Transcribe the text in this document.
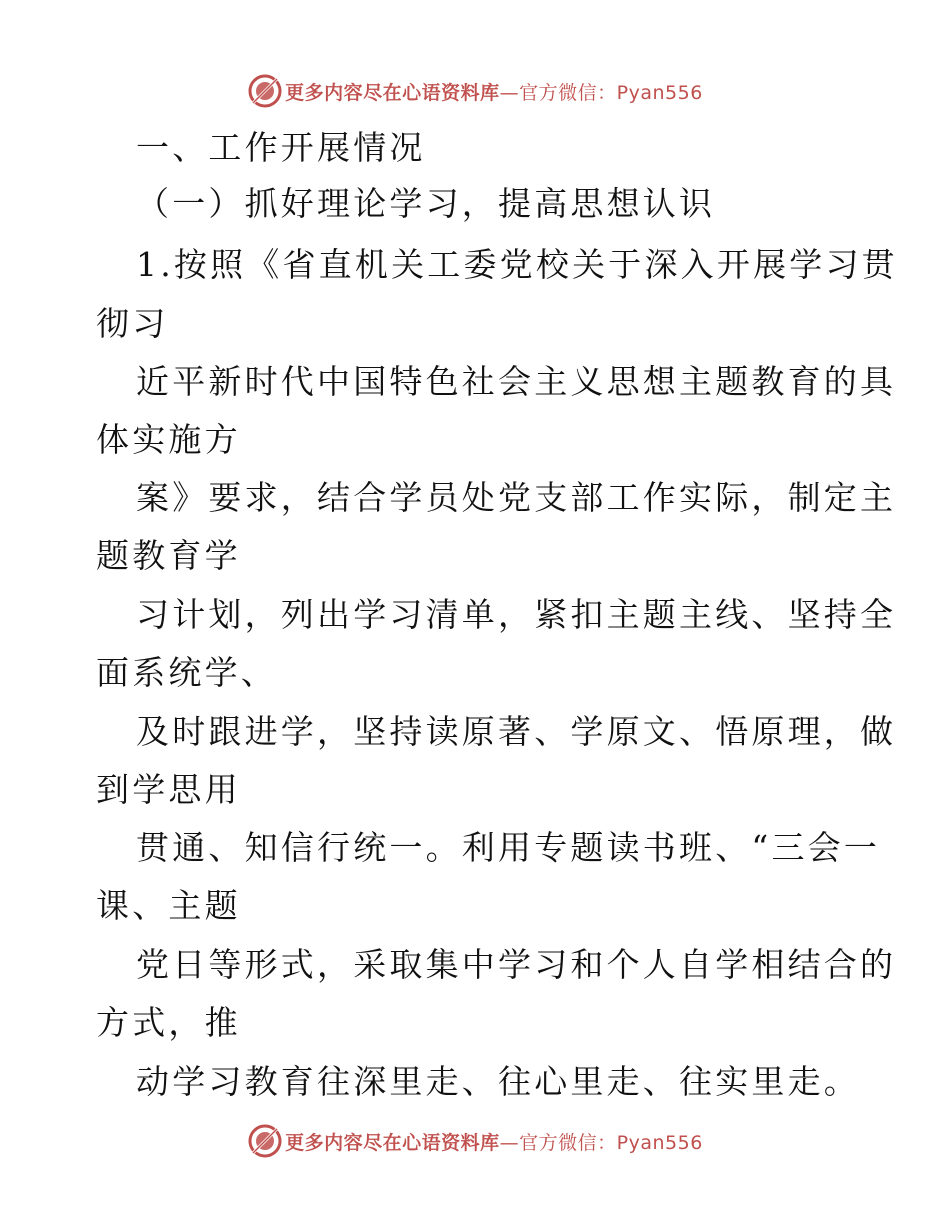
更多内容尽在心语资料库—官方微信：Pyan556
一、工作开展情况
（一）抓好理论学习，提高思想认识
1.按照《省直机关工委党校关于深入开展学习贯
彻习
近平新时代中国特色社会主义思想主题教育的具
体实施方
案》要求，结合学员处党支部工作实际，制定主
题教育学
习计划，列出学习清单，紧扣主题主线、坚持全
面系统学、
及时跟进学，坚持读原著、学原文、悟原理，做
到学思用
贯通、知信行统一。利用专题读书班、“三会一
课、主题
党日等形式，采取集中学习和个人自学相结合的
方式，推
动学习教育往深里走、往心里走、往实里走。
更多内容尽在心语资料库—官方微信：Pyan556
